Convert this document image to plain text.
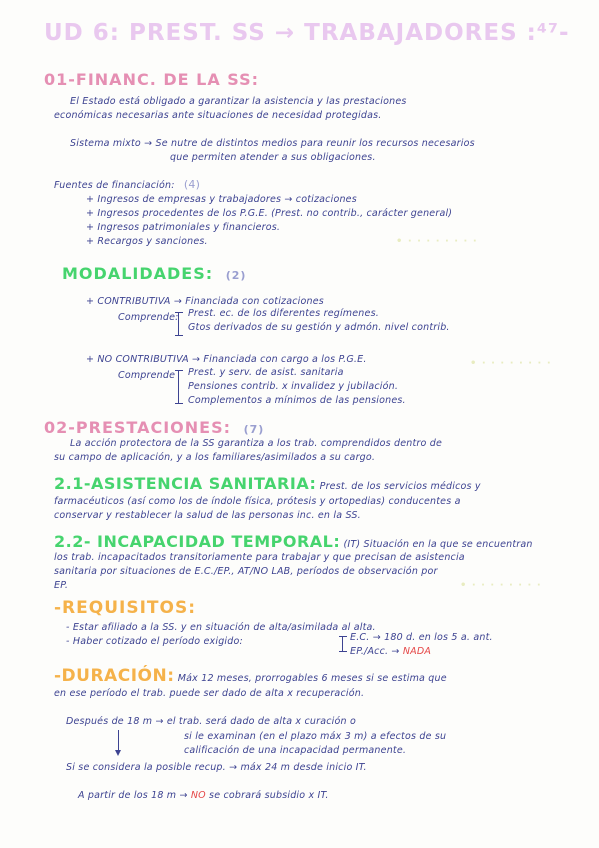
UD 6: PREST. SS → TRABAJADORES :⁴⁷-
01-FINANC. DE LA SS:
El Estado está obligado a garantizar la asistencia y las prestaciones
económicas necesarias ante situaciones de necesidad protegidas.
Sistema mixto → Se nutre de distintos medios para reunir los recursos necesarios
que permiten atender a sus obligaciones.
Fuentes de financiación: (4)
+ Ingresos de empresas y trabajadores → cotizaciones
+ Ingresos procedentes de los P.G.E. (Prest. no contrib., carácter general)
+ Ingresos patrimoniales y financieros.
+ Recargos y sanciones.	• · · · · · · · ·
MODALIDADES: (2)
+ CONTRIBUTIVA → Financiada con cotizaciones
Comprende: Prest. ec. de los diferentes regímenes.
Gtos derivados de su gestión y admón. nivel contrib.
+ NO CONTRIBUTIVA → Financiada con cargo a los P.G.E.	• · · · · · · · ·
Comprende Prest. y serv. de asist. sanitaria
Pensiones contrib. x invalidez y jubilación.
Complementos a mínimos de las pensiones.
02-PRESTACIONES: (7)
La acción protectora de la SS garantiza a los trab. comprendidos dentro de
su campo de aplicación, y a los familiares/asimilados a su cargo.
2.1-ASISTENCIA SANITARIA: Prest. de los servicios médicos y
farmacéuticos (así como los de índole física, prótesis y ortopedias) conducentes a
conservar y restablecer la salud de las personas inc. en la SS.
2.2- INCAPACIDAD TEMPORAL: (IT) Situación en la que se encuentran
los trab. incapacitados transitoriamente para trabajar y que precisan de asistencia
sanitaria por situaciones de E.C./EP., AT/NO LAB, períodos de observación por
EP.	• · · · · · · · ·
-REQUISITOS:
- Estar afiliado a la SS. y en situación de alta/asimilada al alta.
- Haber cotizado el período exigido:	E.C. → 180 d. en los 5 a. ant.
EP./Acc. → NADA
-DURACIÓN: Máx 12 meses, prorrogables 6 meses si se estima que
en ese período el trab. puede ser dado de alta x recuperación.
Después de 18 m → el trab. será dado de alta x curación o
si le examinan (en el plazo máx 3 m) a efectos de su
calificación de una incapacidad permanente.
Si se considera la posible recup. → máx 24 m desde inicio IT.
A partir de los 18 m → NO se cobrará subsidio x IT.
